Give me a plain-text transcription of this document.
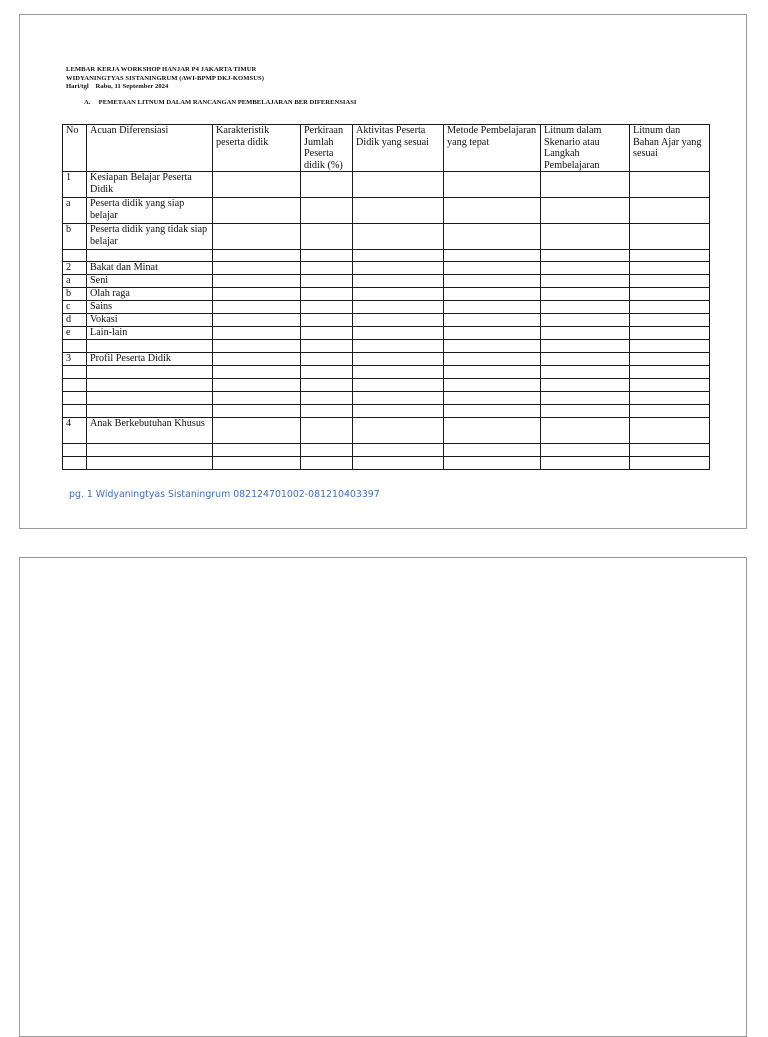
LEMBAR KERJA WORKSHOP HANJAR P4 JAKARTA TIMUR
WIDYANINGTYAS SISTANINGRUM (AWI-BPMP DKJ-KOMSUS)
Hari/tgl Rabu, 11 September 2024
A. PEMETAAN LITNUM DALAM RANCANGAN PEMBELAJARAN BER DIFERENSIASI
No	Acuan Diferensiasi	Karakteristik peserta didik	Perkiraan Jumlah Peserta didik (%)	Aktivitas Peserta Didik yang sesuai	Metode Pembelajaran yang tepat	Litnum dalam Skenario atau Langkah Pembelajaran	Litnum dan Bahan Ajar yang sesuai
1	Kesiapan Belajar Peserta Didik						
a	Peserta didik yang siap belajar						
b	Peserta didik yang tidak siap belajar						

2	Bakat dan Minat						
a	Seni						
b	Olah raga						
c	Sains						
d	Vokasi						
e	Lain-lain						

3	Profil Peserta Didik						

4	Anak Berkebutuhan Khusus						

pg. 1 Widyaningtyas Sistaningrum 082124701002-081210403397
